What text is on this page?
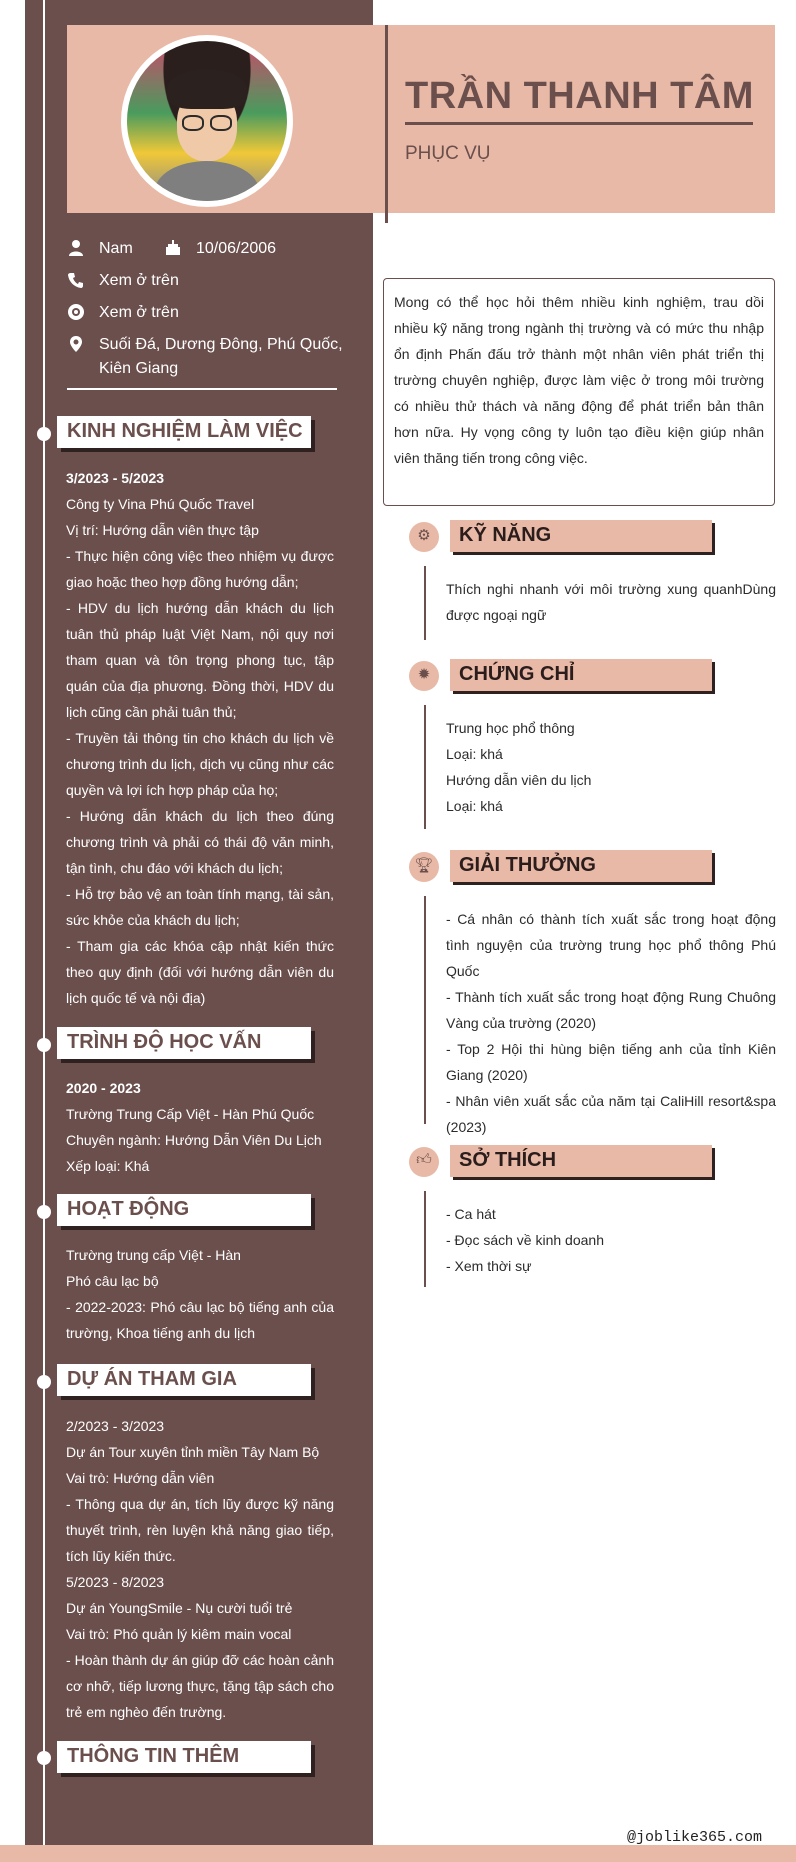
TRẦN THANH TÂM
PHỤC VỤ
Nam	10/06/2006
Xem ở trên
Xem ở trên
Suối Đá, Dương Đông, Phú Quốc, Kiên Giang
KINH NGHIỆM LÀM VIỆC
3/2023 - 5/2023
Công ty Vina Phú Quốc Travel
Vị trí: Hướng dẫn viên thực tập
- Thực hiện công việc theo nhiệm vụ được giao hoặc theo hợp đồng hướng dẫn;
- HDV du lịch hướng dẫn khách du lịch tuân thủ pháp luật Việt Nam, nội quy nơi tham quan và tôn trọng phong tục, tập quán của địa phương. Đồng thời, HDV du lịch cũng cần phải tuân thủ;
- Truyền tải thông tin cho khách du lịch về chương trình du lịch, dịch vụ cũng như các quyền và lợi ích hợp pháp của họ;
- Hướng dẫn khách du lịch theo đúng chương trình và phải có thái độ văn minh, tận tình, chu đáo với khách du lịch;
- Hỗ trợ bảo vệ an toàn tính mạng, tài sản, sức khỏe của khách du lịch;
- Tham gia các khóa cập nhật kiến thức theo quy định (đối với hướng dẫn viên du lịch quốc tế và nội địa)
TRÌNH ĐỘ HỌC VẤN
2020 - 2023
Trường Trung Cấp Việt - Hàn Phú Quốc
Chuyên ngành: Hướng Dẫn Viên Du Lịch
Xếp loại: Khá
HOẠT ĐỘNG
Trường trung cấp Việt - Hàn
Phó câu lạc bộ
- 2022-2023: Phó câu lạc bộ tiếng anh của trường, Khoa tiếng anh du lịch
DỰ ÁN THAM GIA
2/2023 - 3/2023
Dự án Tour xuyên tỉnh miền Tây Nam Bộ
Vai trò: Hướng dẫn viên
- Thông qua dự án, tích lũy được kỹ năng thuyết trình, rèn luyện khả năng giao tiếp, tích lũy kiến thức.
5/2023 - 8/2023
Dự án YoungSmile - Nụ cười tuổi trẻ
Vai trò: Phó quản lý kiêm main vocal
- Hoàn thành dự án giúp đỡ các hoàn cảnh cơ nhỡ, tiếp lương thực, tặng tập sách cho trẻ em nghèo đến trường.
THÔNG TIN THÊM
Mong có thể học hỏi thêm nhiều kinh nghiệm, trau dồi nhiều kỹ năng trong ngành thị trường và có mức thu nhập ổn định Phấn đấu trở thành một nhân viên phát triển thị trường chuyên nghiệp, được làm việc ở trong môi trường có nhiều thử thách và năng động để phát triển bản thân hơn nữa. Hy vọng công ty luôn tạo điều kiện giúp nhân viên thăng tiến trong công việc.
⚙	KỸ NĂNG
Thích nghi nhanh với môi trường xung quanhDùng được ngoại ngữ
✹	CHỨNG CHỈ
Trung học phổ thông
Loại: khá
Hướng dẫn viên du lịch
Loại: khá
🏆︎ GIẢI THƯỞNG
- Cá nhân có thành tích xuất sắc trong hoạt động tình nguyện của trường trung học phổ thông Phú Quốc
- Thành tích xuất sắc trong hoạt động Rung Chuông Vàng của trường (2020)
- Top 2 Hội thi hùng biện tiếng anh của tỉnh Kiên Giang (2020)
- Nhân viên xuất sắc của năm tại CaliHill resort&spa (2023)
👍︎	SỞ THÍCH
- Ca hát
- Đọc sách về kinh doanh
- Xem thời sự
@joblike365.com
